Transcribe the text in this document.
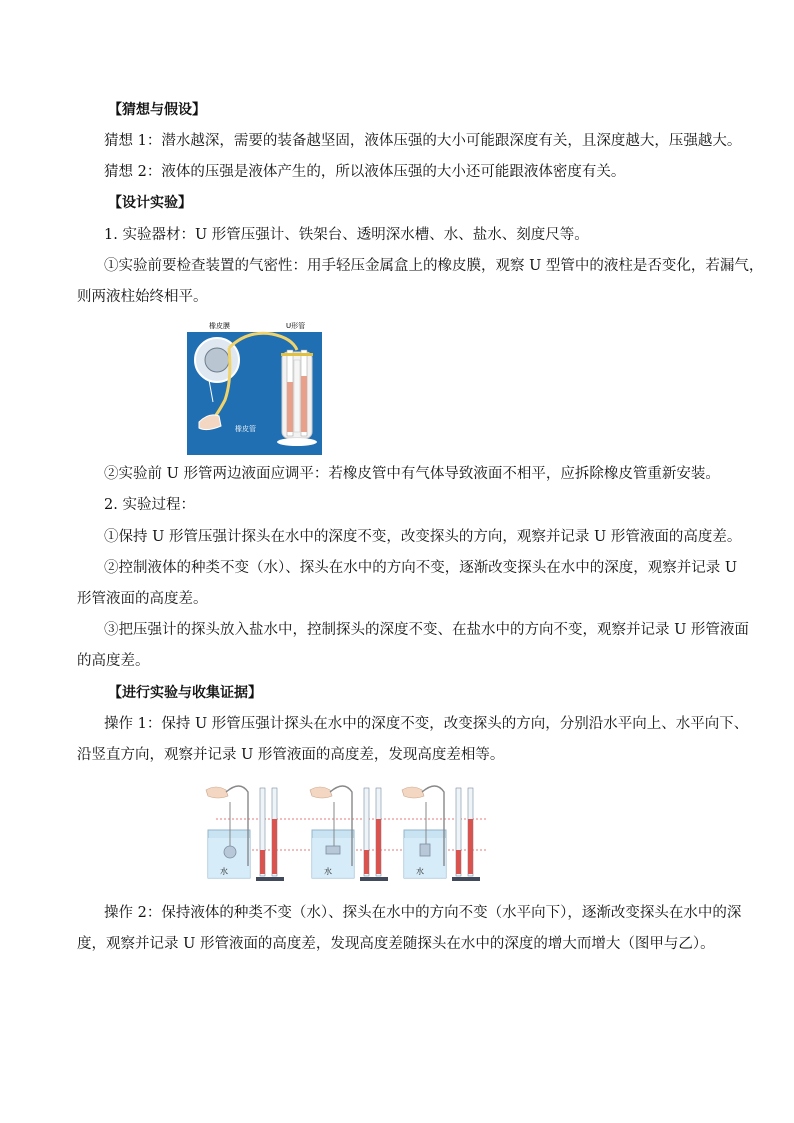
【猜想与假设】
猜想 1：潜水越深，需要的装备越坚固，液体压强的大小可能跟深度有关，且深度越大，压强越大。
猜想 2：液体的压强是液体产生的，所以液体压强的大小还可能跟液体密度有关。
【设计实验】
1. 实验器材：U 形管压强计、铁架台、透明深水槽、水、盐水、刻度尺等。
①实验前要检查装置的气密性：用手轻压金属盒上的橡皮膜，观察 U 型管中的液柱是否变化，若漏气，
则两液柱始终相平。
橡皮膜	U形管
橡皮管
②实验前 U 形管两边液面应调平：若橡皮管中有气体导致液面不相平，应拆除橡皮管重新安装。
2. 实验过程：
①保持 U 形管压强计探头在水中的深度不变，改变探头的方向，观察并记录 U 形管液面的高度差。
②控制液体的种类不变（水）、探头在水中的方向不变，逐渐改变探头在水中的深度，观察并记录 U
形管液面的高度差。
③把压强计的探头放入盐水中，控制探头的深度不变、在盐水中的方向不变，观察并记录 U 形管液面
的高度差。
【进行实验与收集证据】
操作 1：保持 U 形管压强计探头在水中的深度不变，改变探头的方向，分别沿水平向上、水平向下、
沿竖直方向，观察并记录 U 形管液面的高度差，发现高度差相等。
水	水	水
操作 2：保持液体的种类不变（水）、探头在水中的方向不变（水平向下），逐渐改变探头在水中的深
度，观察并记录 U 形管液面的高度差，发现高度差随探头在水中的深度的增大而增大（图甲与乙）。
